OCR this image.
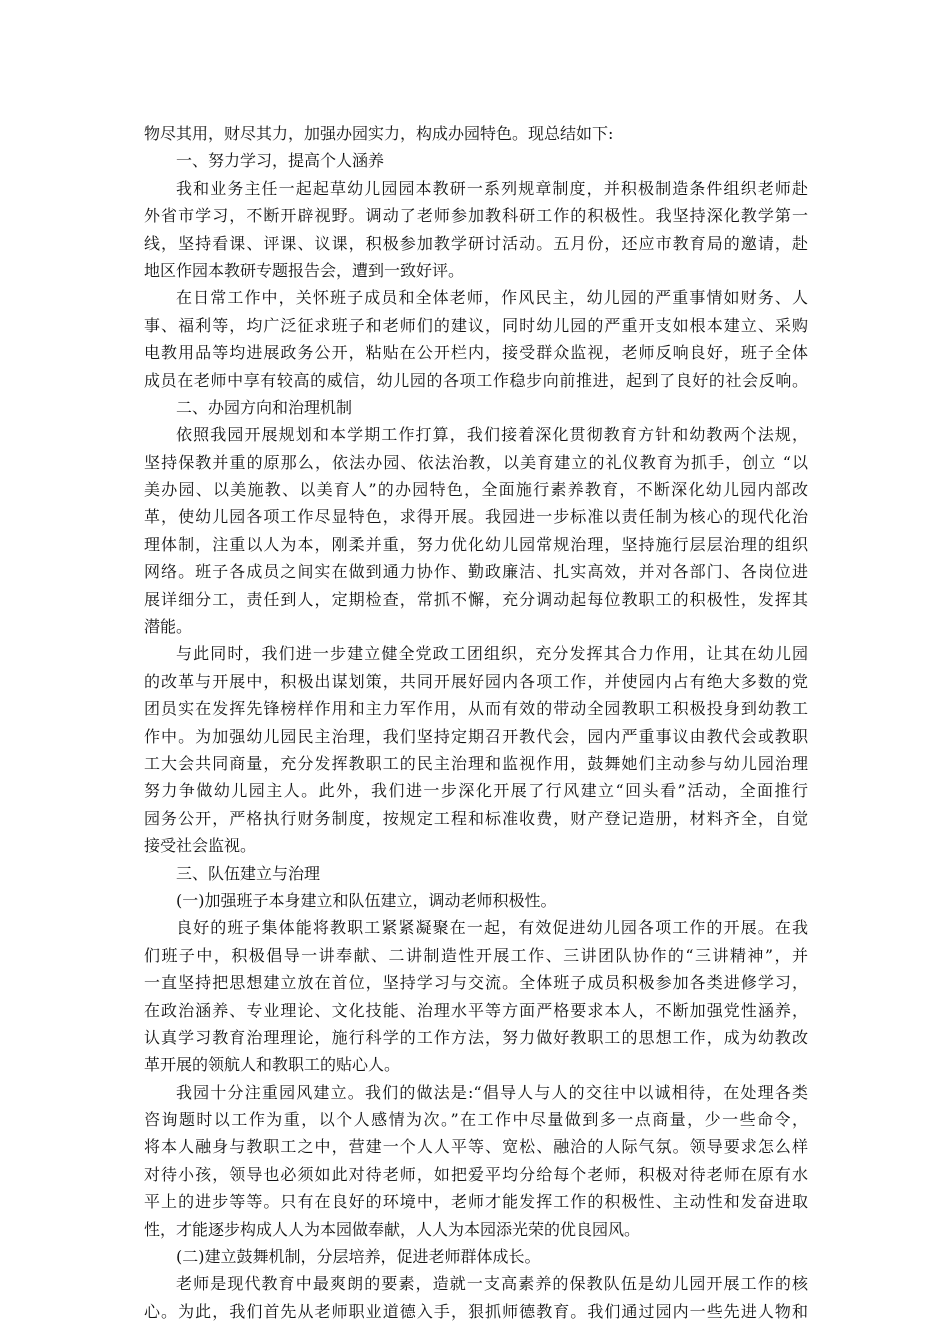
物尽其用，财尽其力，加强办园实力，构成办园特色。现总结如下:
一、努力学习，提高个人涵养
我和业务主任一起起草幼儿园园本教研一系列规章制度，并积极制造条件组织老师赴
外省市学习，不断开辟视野。调动了老师参加教科研工作的积极性。我坚持深化教学第一
线，坚持看课、评课、议课，积极参加教学研讨活动。五月份，还应市教育局的邀请，赴
地区作园本教研专题报告会，遭到一致好评。
在日常工作中，关怀班子成员和全体老师，作风民主，幼儿园的严重事情如财务、人
事、福利等，均广泛征求班子和老师们的建议，同时幼儿园的严重开支如根本建立、采购
电教用品等均进展政务公开，粘贴在公开栏内，接受群众监视，老师反响良好，班子全体
成员在老师中享有较高的威信，幼儿园的各项工作稳步向前推进，起到了良好的社会反响。
二、办园方向和治理机制
依照我园开展规划和本学期工作打算，我们接着深化贯彻教育方针和幼教两个法规，
坚持保教并重的原那么，依法办园、依法治教，以美育建立的礼仪教育为抓手，创立 “以
美办园、以美施教、以美育人”的办园特色，全面施行素养教育，不断深化幼儿园内部改
革，使幼儿园各项工作尽显特色，求得开展。我园进一步标准以责任制为核心的现代化治
理体制，注重以人为本，刚柔并重，努力优化幼儿园常规治理，坚持施行层层治理的组织
网络。班子各成员之间实在做到通力协作、勤政廉洁、扎实高效，并对各部门、各岗位进
展详细分工，责任到人，定期检查，常抓不懈，充分调动起每位教职工的积极性，发挥其
潜能。
与此同时，我们进一步建立健全党政工团组织，充分发挥其合力作用，让其在幼儿园
的改革与开展中，积极出谋划策，共同开展好园内各项工作，并使园内占有绝大多数的党
团员实在发挥先锋榜样作用和主力军作用，从而有效的带动全园教职工积极投身到幼教工
作中。为加强幼儿园民主治理，我们坚持定期召开教代会，园内严重事议由教代会或教职
工大会共同商量，充分发挥教职工的民主治理和监视作用，鼓舞她们主动参与幼儿园治理
努力争做幼儿园主人。此外，我们进一步深化开展了行风建立“回头看”活动，全面推行
园务公开，严格执行财务制度，按规定工程和标准收费，财产登记造册，材料齐全，自觉
接受社会监视。
三、队伍建立与治理
(一)加强班子本身建立和队伍建立，调动老师积极性。
良好的班子集体能将教职工紧紧凝聚在一起，有效促进幼儿园各项工作的开展。在我
们班子中，积极倡导一讲奉献、二讲制造性开展工作、三讲团队协作的“三讲精神”，并
一直坚持把思想建立放在首位，坚持学习与交流。全体班子成员积极参加各类进修学习，
在政治涵养、专业理论、文化技能、治理水平等方面严格要求本人，不断加强党性涵养，
认真学习教育治理理论，施行科学的工作方法，努力做好教职工的思想工作，成为幼教改
革开展的领航人和教职工的贴心人。
我园十分注重园风建立。我们的做法是:“倡导人与人的交往中以诚相待，在处理各类
咨询题时以工作为重，以个人感情为次。”在工作中尽量做到多一点商量，少一些命令，
将本人融身与教职工之中，营建一个人人平等、宽松、融洽的人际气氛。领导要求怎么样
对待小孩，领导也必须如此对待老师，如把爱平均分给每个老师，积极对待老师在原有水
平上的进步等等。只有在良好的环境中，老师才能发挥工作的积极性、主动性和发奋进取
性，才能逐步构成人人为本园做奉献，人人为本园添光荣的优良园风。
(二)建立鼓舞机制，分层培养，促进老师群体成长。
老师是现代教育中最爽朗的要素，造就一支高素养的保教队伍是幼儿园开展工作的核
心。为此，我们首先从老师职业道德入手，狠抓师德教育。我们通过园内一些先进人物和
